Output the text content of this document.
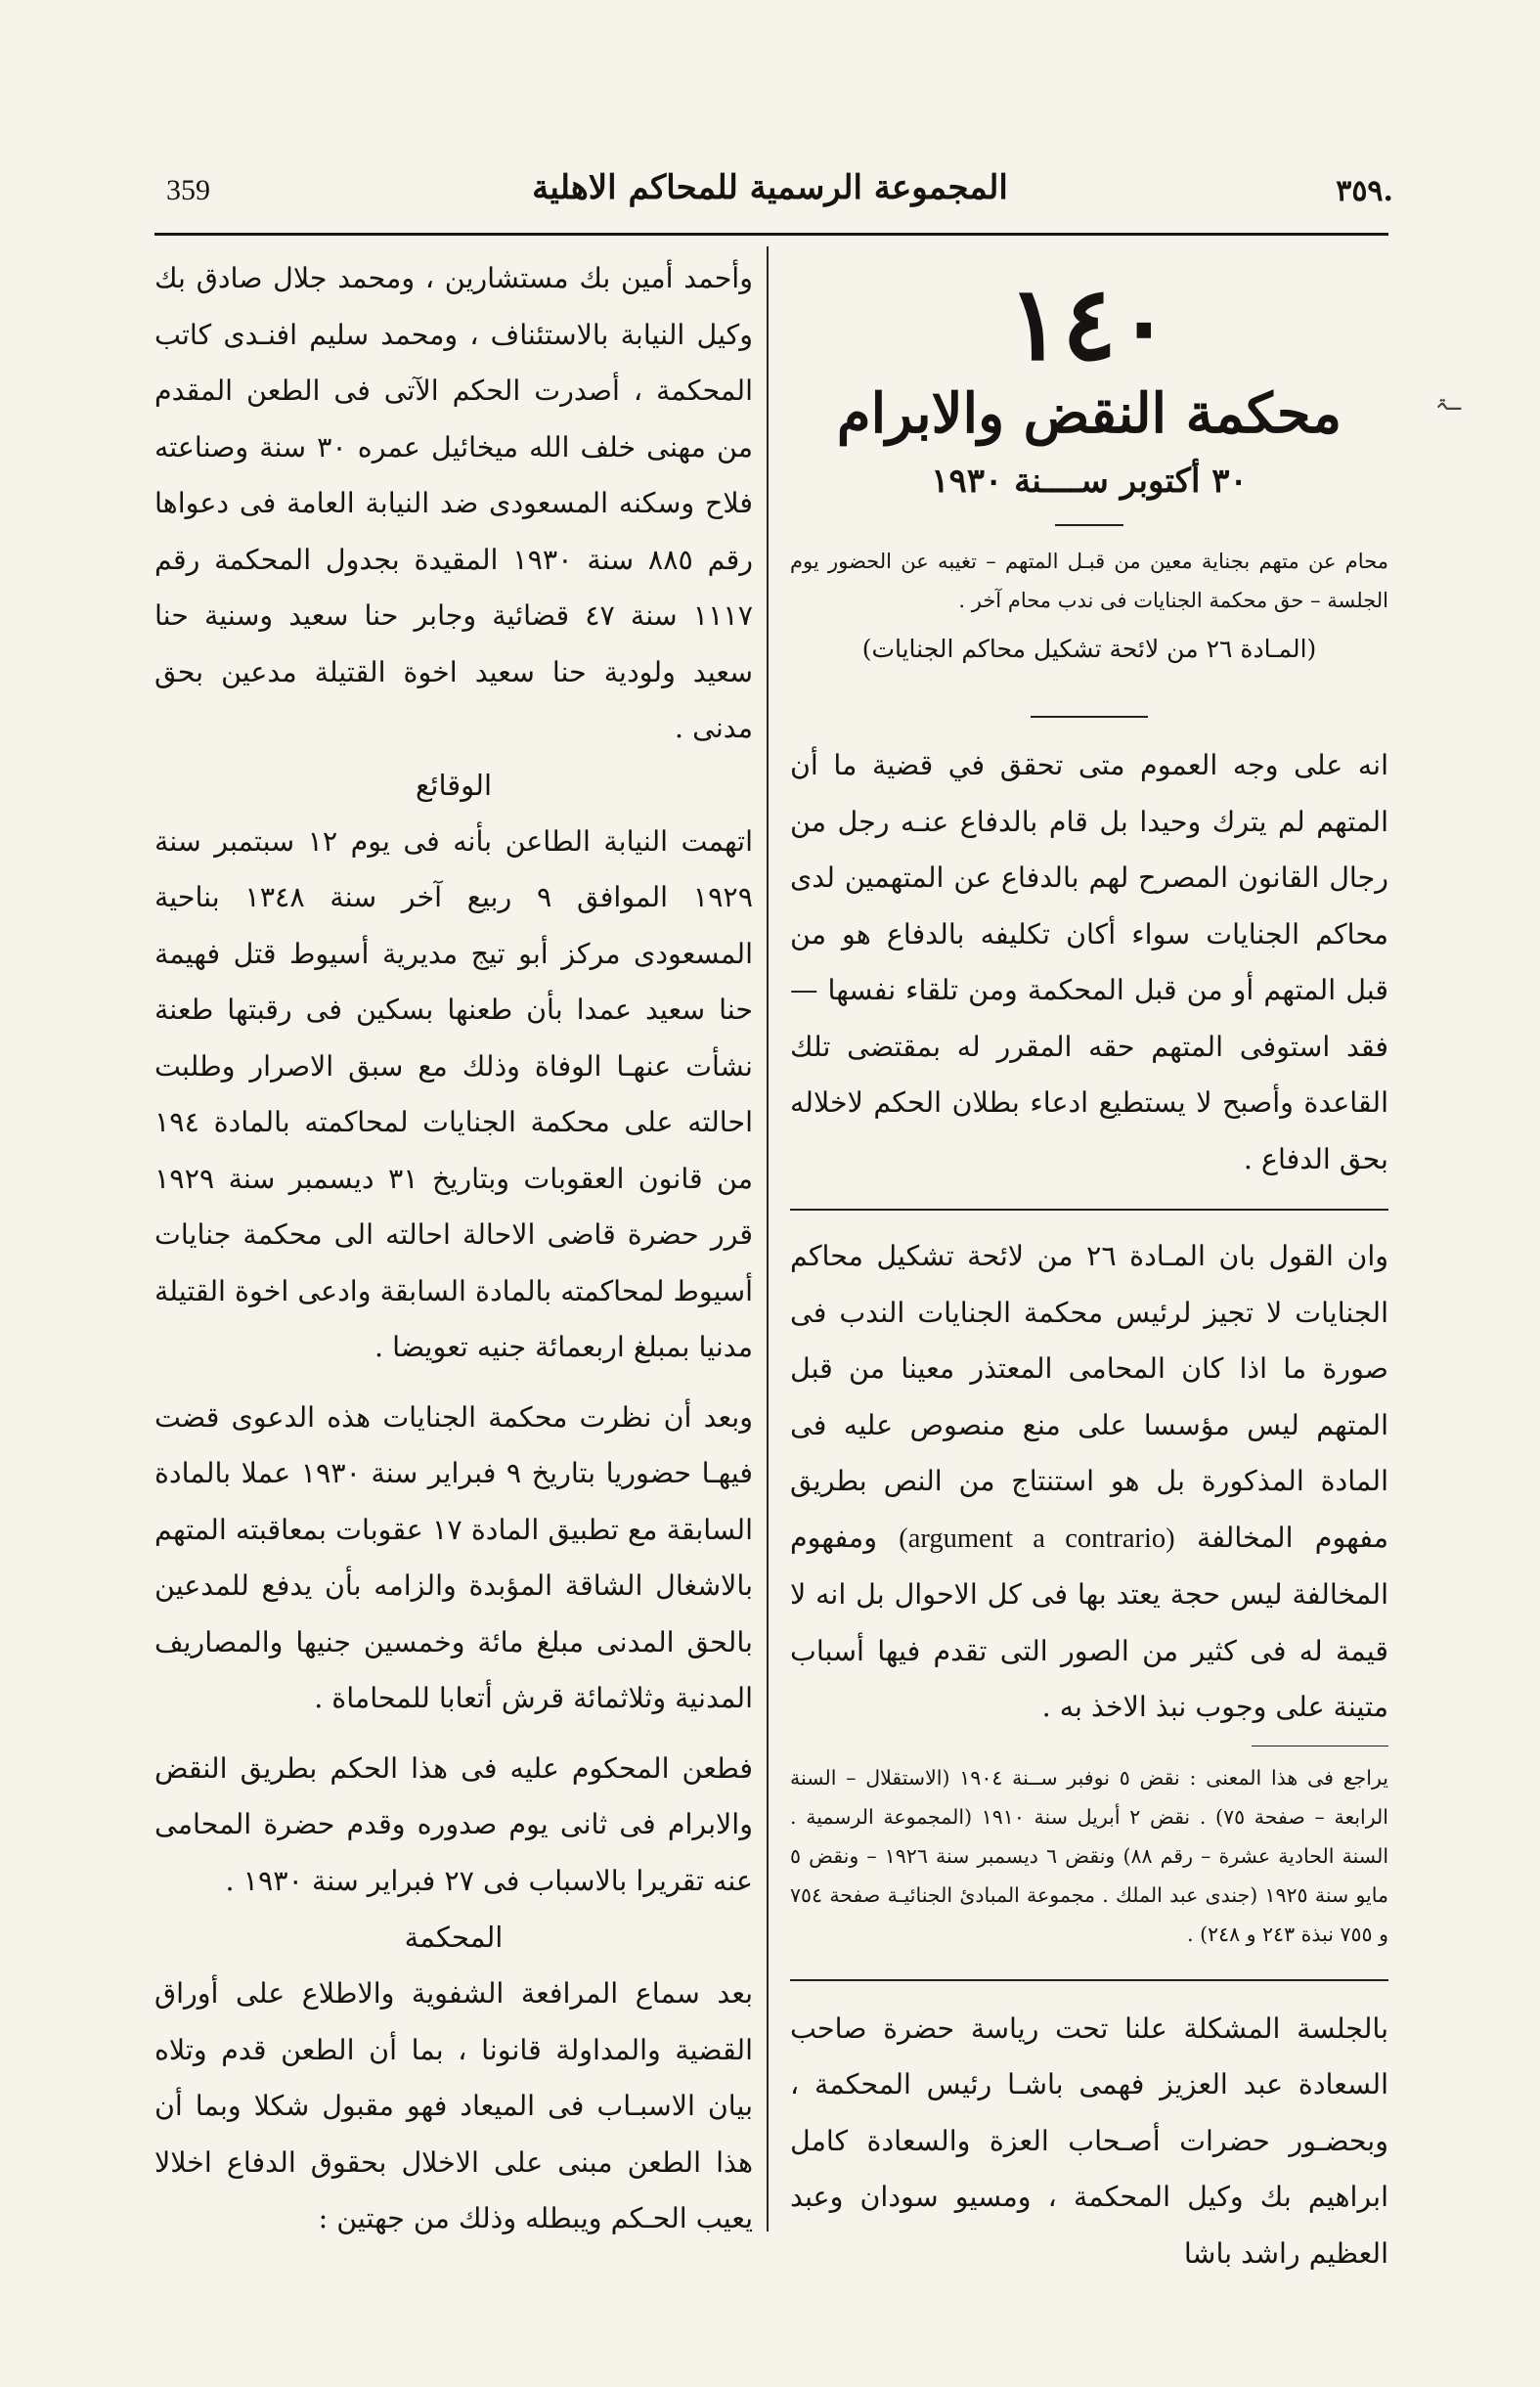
359	المجموعة الرسمية للمحاكم الاهلية	٣٥٩.
١٤٠
محكمة النقض والابرام
٣٠ أكتوبر ســــنة ١٩٣٠

محام عن متهم بجناية معين من قبـل المتهم – تغيبه عن الحضور يوم الجلسة – حق محكمة الجنايات فى ندب محام آخر .

(المـادة ٢٦ من لائحة تشكيل محاكم الجنايات)

انه على وجه العموم متى تحقق في قضية ما أن المتهم لم يترك وحيدا بل قام بالدفاع عنـه رجل من رجال القانون المصرح لهم بالدفاع عن المتهمين لدى محاكم الجنايات سواء أكان تكليفه بالدفاع هو من قبل المتهم أو من قبل المحكمة ومن تلقاء نفسها — فقد استوفى المتهم حقه المقرر له بمقتضى تلك القاعدة وأصبح لا يستطيع ادعاء بطلان الحكم لاخلاله بحق الدفاع .

وان القول بان المـادة ٢٦ من لائحة تشكيل محاكم الجنايات لا تجيز لرئيس محكمة الجنايات الندب فى صورة ما اذا كان المحامى المعتذر معينا من قبل المتهم ليس مؤسسا على منع منصوص عليه فى المادة المذكورة بل هو استنتاج من النص بطريق مفهوم المخالفة (argument a contrario) ومفهوم المخالفة ليس حجة يعتد بها فى كل الاحوال بل انه لا قيمة له فى كثير من الصور التى تقدم فيها أسباب متينة على وجوب نبذ الاخذ به .

يراجع فى هذا المعنى : نقض ٥ نوفبر ســنة ١٩٠٤ (الاستقلال – السنة الرابعة – صفحة ٧٥) . نقض ٢ أبريل سنة ١٩١٠ (المجموعة الرسمية . السنة الحادية عشرة – رقم ٨٨) ونقض ٦ ديسمبر سنة ١٩٢٦ – ونقض ٥ مايو سنة ١٩٢٥ (جندى عبد الملك . مجموعة المبادئ الجنائيـة صفحة ٧٥٤ و ٧٥٥ نبذة ٢٤٣ و ٢٤٨) .

بالجلسة المشكلة علنا تحت رياسة حضرة صاحب السعادة عبد العزيز فهمى باشـا رئيس المحكمة ، وبحضـور حضرات أصـحاب العزة والسعادة كامل ابراهيم بك وكيل المحكمة ، ومسيو سودان وعبد العظيم راشد باشا

وأحمد أمين بك مستشارين ، ومحمد جلال صادق بك وكيل النيابة بالاستئناف ، ومحمد سليم افنـدى كاتب المحكمة ، أصدرت الحكم الآتى فى الطعن المقدم من مهنى خلف الله ميخائيل عمره ٣٠ سنة وصناعته فلاح وسكنه المسعودى ضد النيابة العامة فى دعواها رقم ٨٨٥ سنة ١٩٣٠ المقيدة بجدول المحكمة رقم ١١١٧ سنة ٤٧ قضائية وجابر حنا سعيد وسنية حنا سعيد ولودية حنا سعيد اخوة القتيلة مدعين بحق مدنى .

الوقائع

اتهمت النيابة الطاعن بأنه فى يوم ١٢ سبتمبر سنة ١٩٢٩ الموافق ٩ ربيع آخر سنة ١٣٤٨ بناحية المسعودى مركز أبو تيج مديرية أسيوط قتل فهيمة حنا سعيد عمدا بأن طعنها بسكين فى رقبتها طعنة نشأت عنهـا الوفاة وذلك مع سبق الاصرار وطلبت احالته على محكمة الجنايات لمحاكمته بالمادة ١٩٤ من قانون العقوبات وبتاريخ ٣١ ديسمبر سنة ١٩٢٩ قرر حضرة قاضى الاحالة احالته الى محكمة جنايات أسيوط لمحاكمته بالمادة السابقة وادعى اخوة القتيلة مدنيا بمبلغ اربعمائة جنيه تعويضا .

وبعد أن نظرت محكمة الجنايات هذه الدعوى قضت فيهـا حضوريا بتاريخ ٩ فبراير سنة ١٩٣٠ عملا بالمادة السابقة مع تطبيق المادة ١٧ عقوبات بمعاقبته المتهم بالاشغال الشاقة المؤبدة والزامه بأن يدفع للمدعين بالحق المدنى مبلغ مائة وخمسين جنيها والمصاريف المدنية وثلاثمائة قرش أتعابا للمحاماة .

فطعن المحكوم عليه فى هذا الحكم بطريق النقض والابرام فى ثانى يوم صدوره وقدم حضرة المحامى عنه تقريرا بالاسباب فى ٢٧ فبراير سنة ١٩٣٠ .

المحكمة

بعد سماع المرافعة الشفوية والاطلاع على أوراق القضية والمداولة قانونا ، بما أن الطعن قدم وتلاه بيان الاسبـاب فى الميعاد فهو مقبول شكلا وبما أن هذا الطعن مبنى على الاخلال بحقوق الدفاع اخلالا يعيب الحـكم ويبطله وذلك من جهتين :

ـۃ
